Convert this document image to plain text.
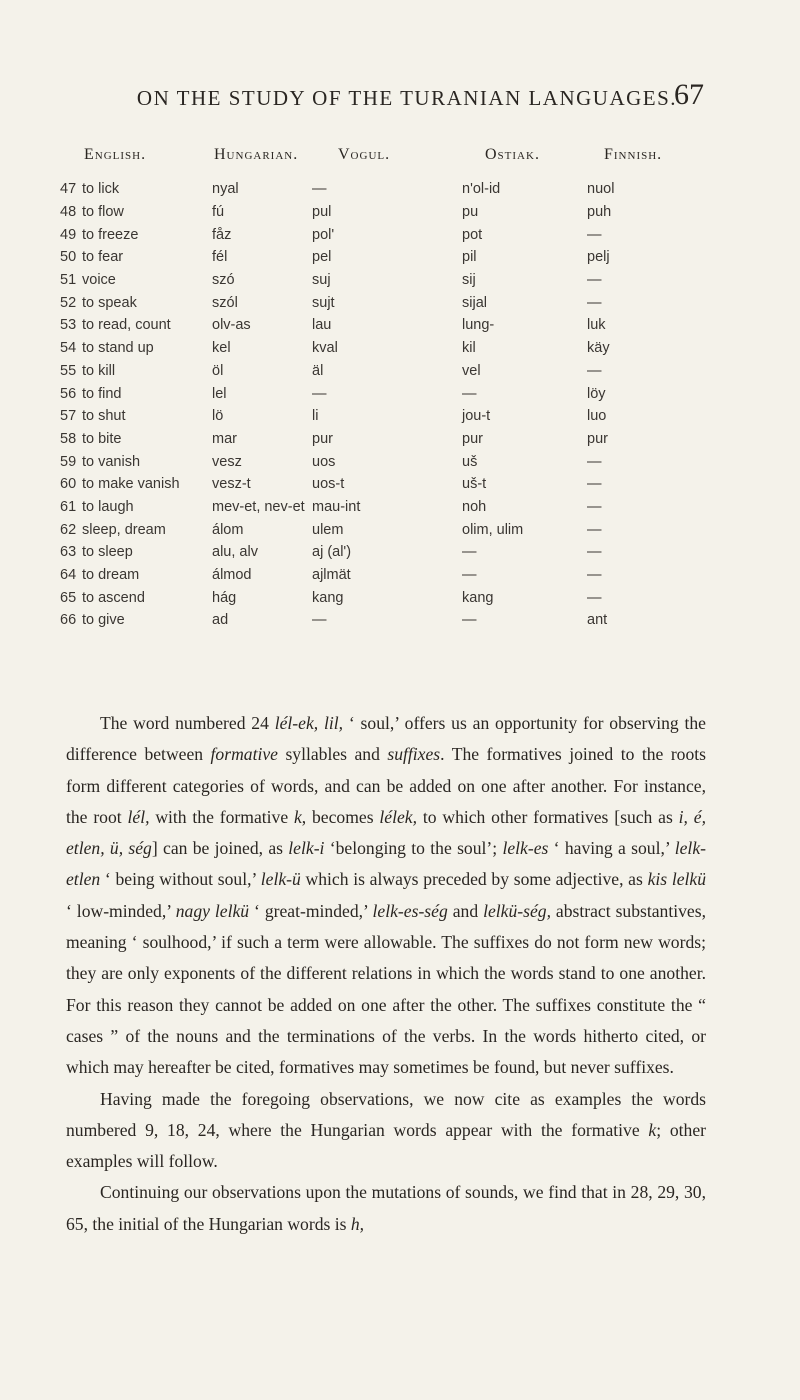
ON THE STUDY OF THE TURANIAN LANGUAGES.
67
English.	Hungarian. Vogul.	Ostiak.	Finnish.
47	to lick	nyal	—	n'ol-id	nuol
48	to flow	fú	pul	pu	puh
49	to freeze	fåz	pol'	pot	—
50	to fear	fél	pel	pil	pelj
51	voice	szó	suj	sij	—
52	to speak	szól	sujt	sijal	—
53	to read, count	olv-as	lau	lung-	luk
54	to stand up	kel	kval	kil	käy
55	to kill	öl	äl	vel	—
56	to find	lel	—	—	löy
57	to shut	lö	li	jou-t	luo
58	to bite	mar	pur	pur	pur
59	to vanish	vesz	uos	uš	—
60	to make vanish	vesz-t	uos-t	uš-t	—
61	to laugh	mev-et, nev-et	mau-int	noh	—
62	sleep, dream	álom	ulem	olim, ulim	—
63	to sleep	alu, alv	aj (al')	—	—
64	to dream	álmod	ajlmät	—	—
65	to ascend	hág	kang	kang	—
66	to give	ad	—	—	ant

The word numbered 24 lél-ek, lil, ‘ soul,’ offers us an opportunity for observing the difference between formative syllables and suffixes. The formatives joined to the roots form different categories of words, and can be added on one after another. For instance, the root lél, with the formative k, becomes lélek, to which other formatives [such as i, é, etlen, ü, ség] can be joined, as lelk-i ‘belonging to the soul’; lelk-es ‘ having a soul,’ lelk-etlen ‘ being without soul,’ lelk-ü which is always preceded by some adjective, as kis lelkü ‘ low-minded,’ nagy lelkü ‘ great-minded,’ lelk-es-ség and lelkü-ség, abstract substantives, meaning ‘ soulhood,’ if such a term were allowable. The suffixes do not form new words; they are only exponents of the different relations in which the words stand to one another. For this reason they cannot be added on one after the other. The suffixes constitute the “ cases ” of the nouns and the terminations of the verbs. In the words hitherto cited, or which may hereafter be cited, formatives may sometimes be found, but never suffixes.

Having made the foregoing observations, we now cite as examples the words numbered 9, 18, 24, where the Hungarian words appear with the formative k; other examples will follow.

Continuing our observations upon the mutations of sounds, we find that in 28, 29, 30, 65, the initial of the Hungarian words is h,
